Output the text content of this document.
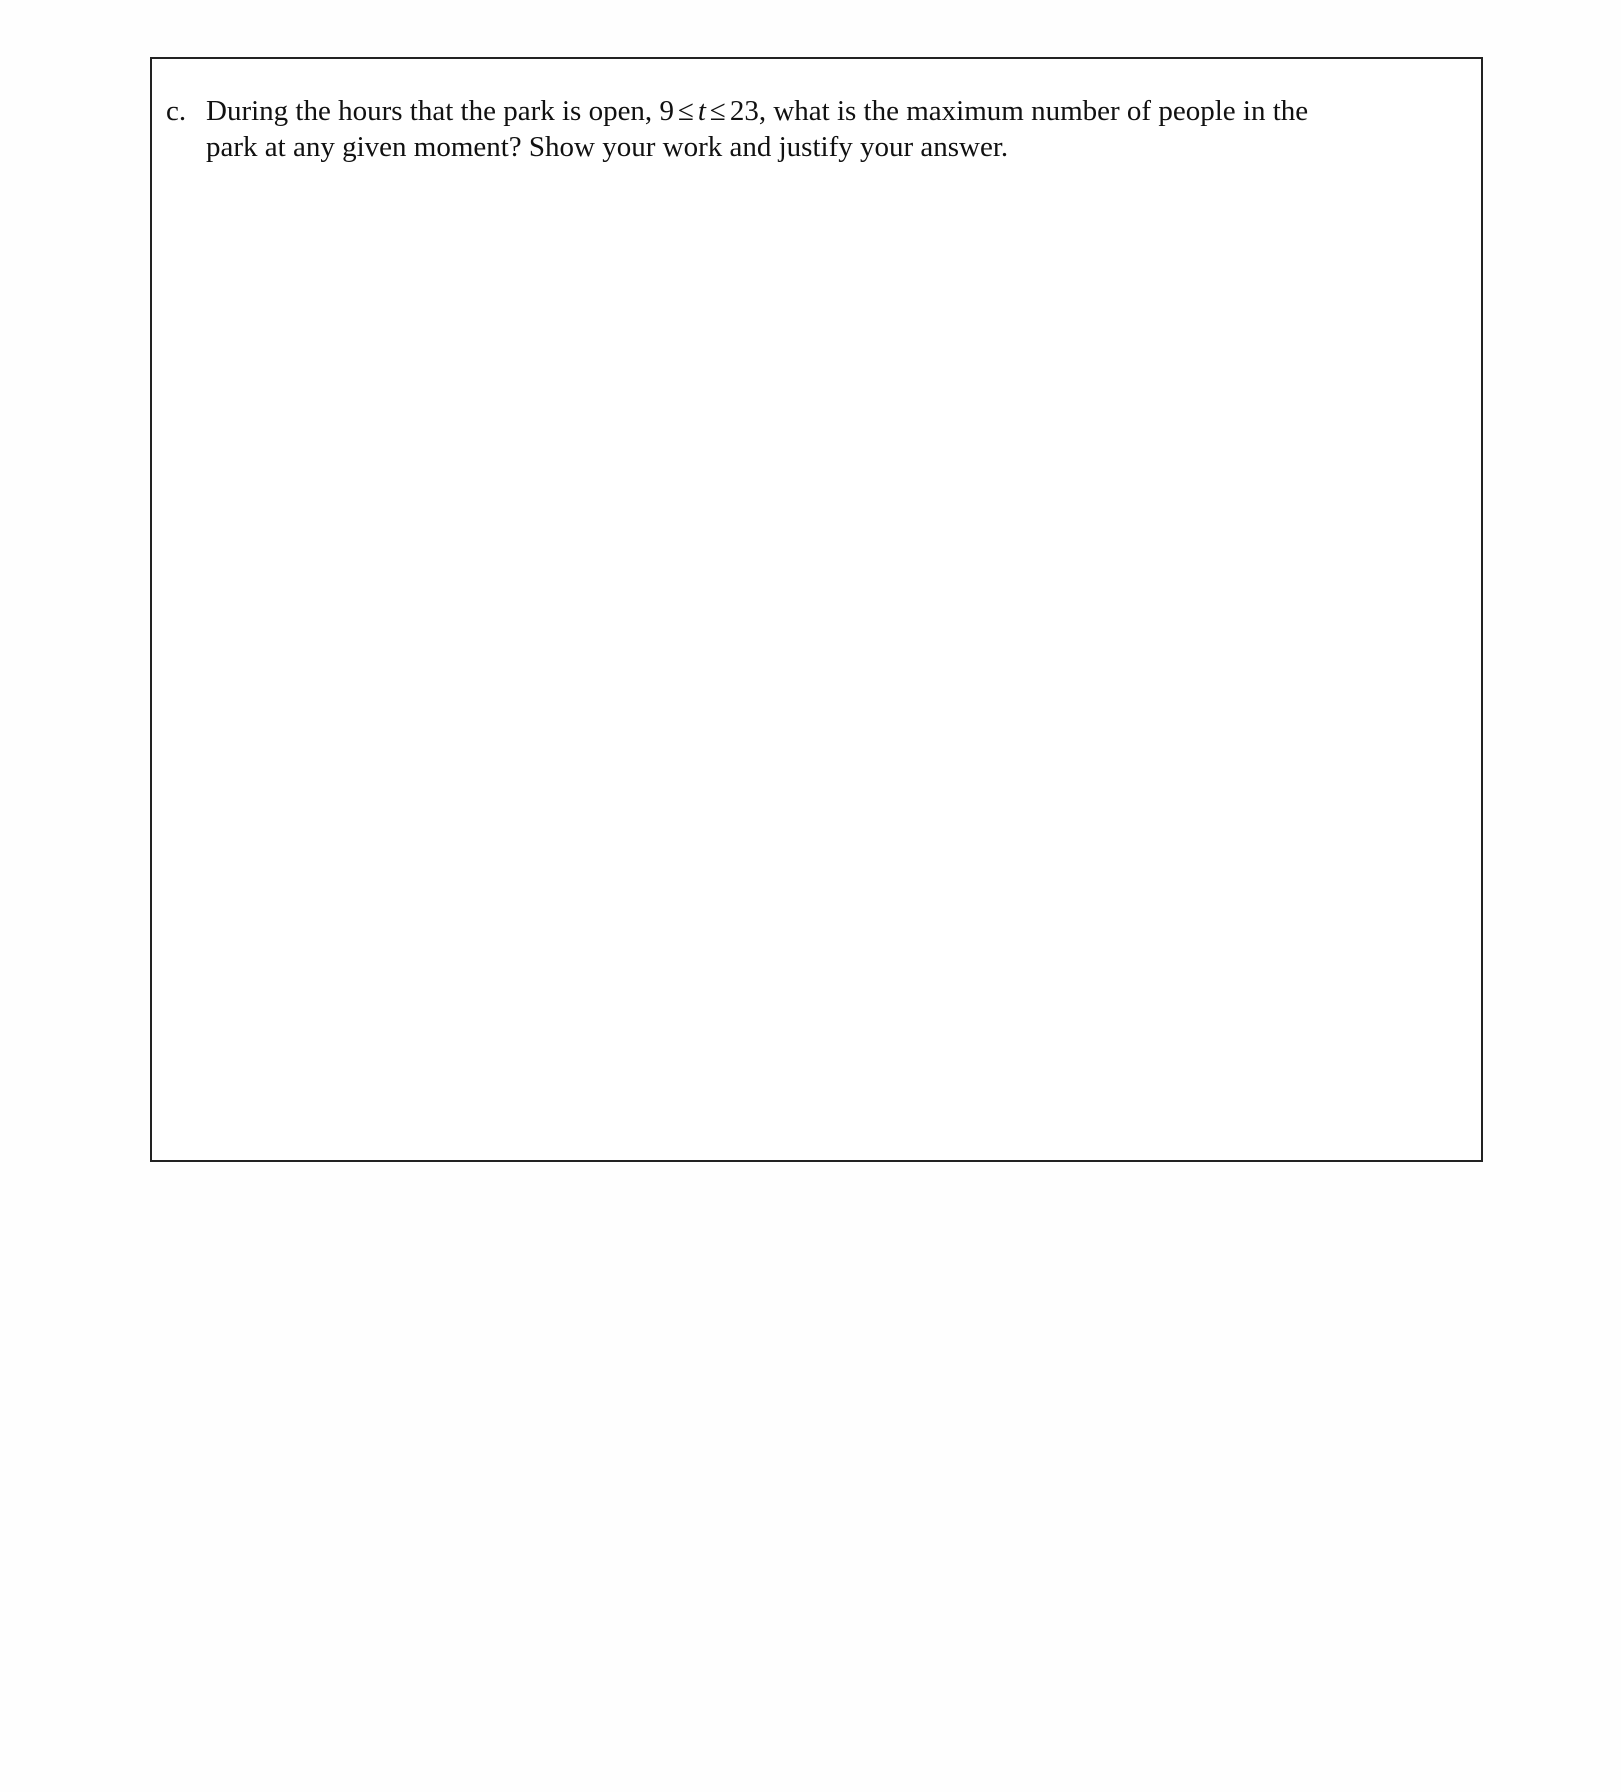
c. During the hours that the park is open, 9 ≤ t ≤ 23, what is the maximum number of people in the
park at any given moment? Show your work and justify your answer.
